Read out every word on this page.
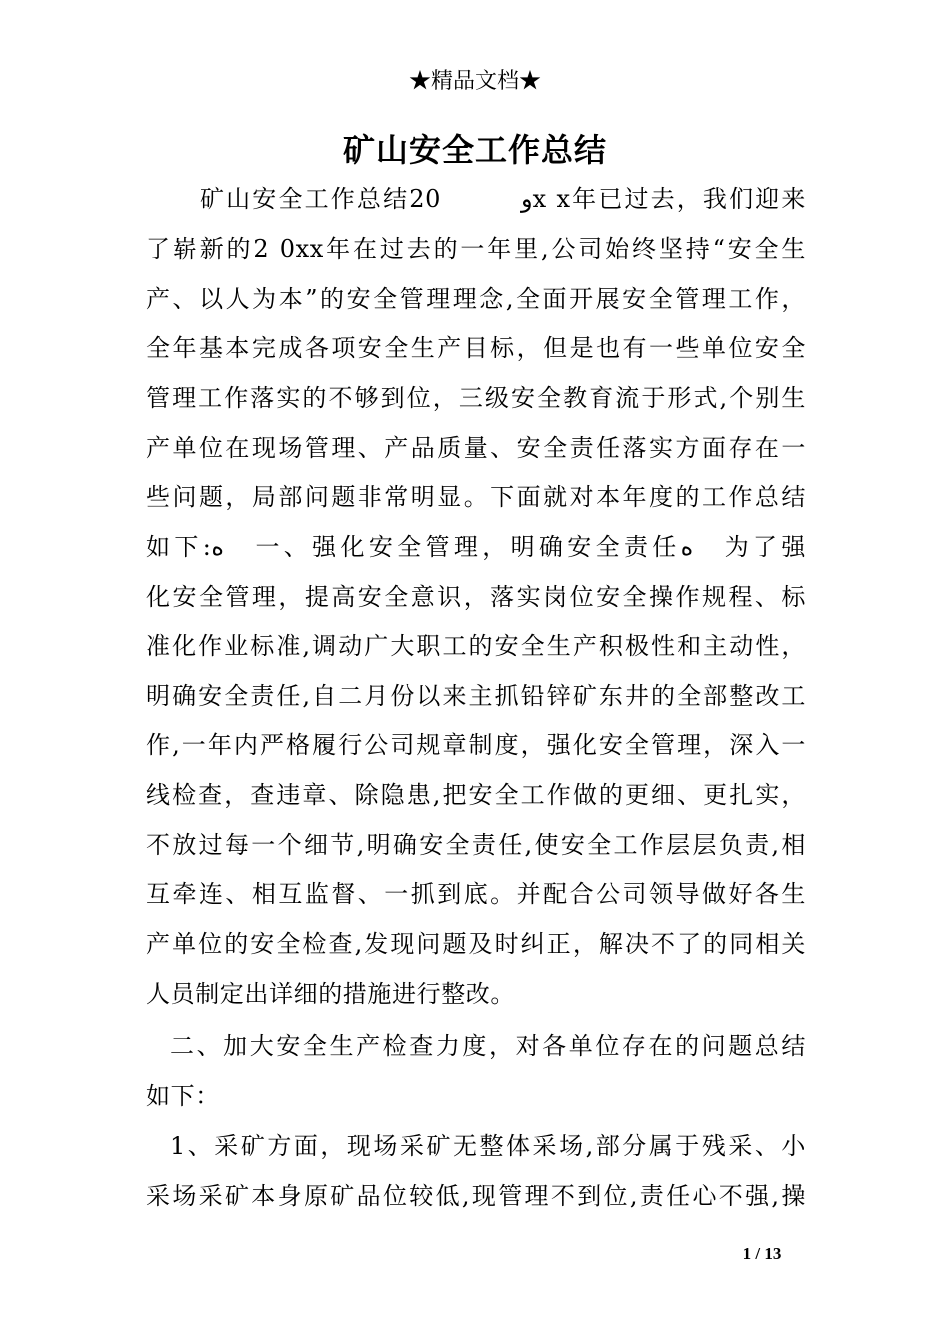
★精品文档★
矿山安全工作总结
矿山安全工作总结20　　　ﻭx x年已过去，我们迎来
了崭新的2 0xx年在过去的一年里,公司始终坚持“安全生
产、以人为本”的安全管理理念,全面开展安全管理工作，
全年基本完成各项安全生产目标，但是也有一些单位安全
管理工作落实的不够到位，三级安全教育流于形式,个别生
产单位在现场管理、产品质量、安全责任落实方面存在一
些问题，局部问题非常明显。下面就对本年度的工作总结
如下:ﻩ　一、强化安全管理，明确安全责任ﻩ　为了强
化安全管理，提高安全意识，落实岗位安全操作规程、标
准化作业标准,调动广大职工的安全生产积极性和主动性，
明确安全责任,自二月份以来主抓铅锌矿东井的全部整改工
作,一年内严格履行公司规章制度，强化安全管理，深入一
线检查，查违章、除隐患,把安全工作做的更细、更扎实，
不放过每一个细节,明确安全责任,使安全工作层层负责,相
互牵连、相互监督、一抓到底。并配合公司领导做好各生
产单位的安全检查,发现问题及时纠正，解决不了的同相关
人员制定出详细的措施进行整改。
二、加大安全生产检查力度，对各单位存在的问题总结
如下：
1、采矿方面，现场采矿无整体采场,部分属于残采、小
采场采矿本身原矿品位较低,现管理不到位,责任心不强,操
1 / 13
